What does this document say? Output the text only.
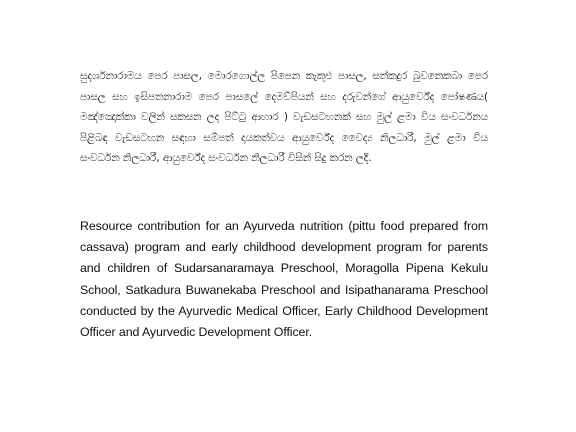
සුදර්ශනාරාමය පෙර පාසල, මොරගොල්ල පිපෙන කැකුළු පාසල, සත්කදුර බුවනෙකබා පෙර පාසල සහ ඉසිපතනාරාම පෙර පාසලේ දෙමව්පියන් සහ දරුවන්ගේ ආයුර්වේද පෝෂණය( මඤ්ඤොක්කා වලින් සකසන ලද පිට්ටු ආහාර ) වැඩසටහනක් සහ මුල් ළමා විය සංවර්ධනය පිළිබඳ වැඩසටහන සඳහා සම්පත් දායකත්වය ආයුර්වේද වෛද්‍ය නිලධාරී, මුල් ළමා විය සංවර්ධන නිලධාරී, ආයුර්වේද සංවර්ධන නිලධාරී විසින් සිදු කරන ලදී.

Resource contribution for an Ayurveda nutrition (pittu food prepared from cassava) program and early childhood development program for parents and children of Sudarsanaramaya Preschool, Moragolla Pipena Kekulu School, Satkadura Buwanekaba Preschool and Isipathanarama Preschool conducted by the Ayurvedic Medical Officer, Early Childhood Development Officer and Ayurvedic Development Officer.
